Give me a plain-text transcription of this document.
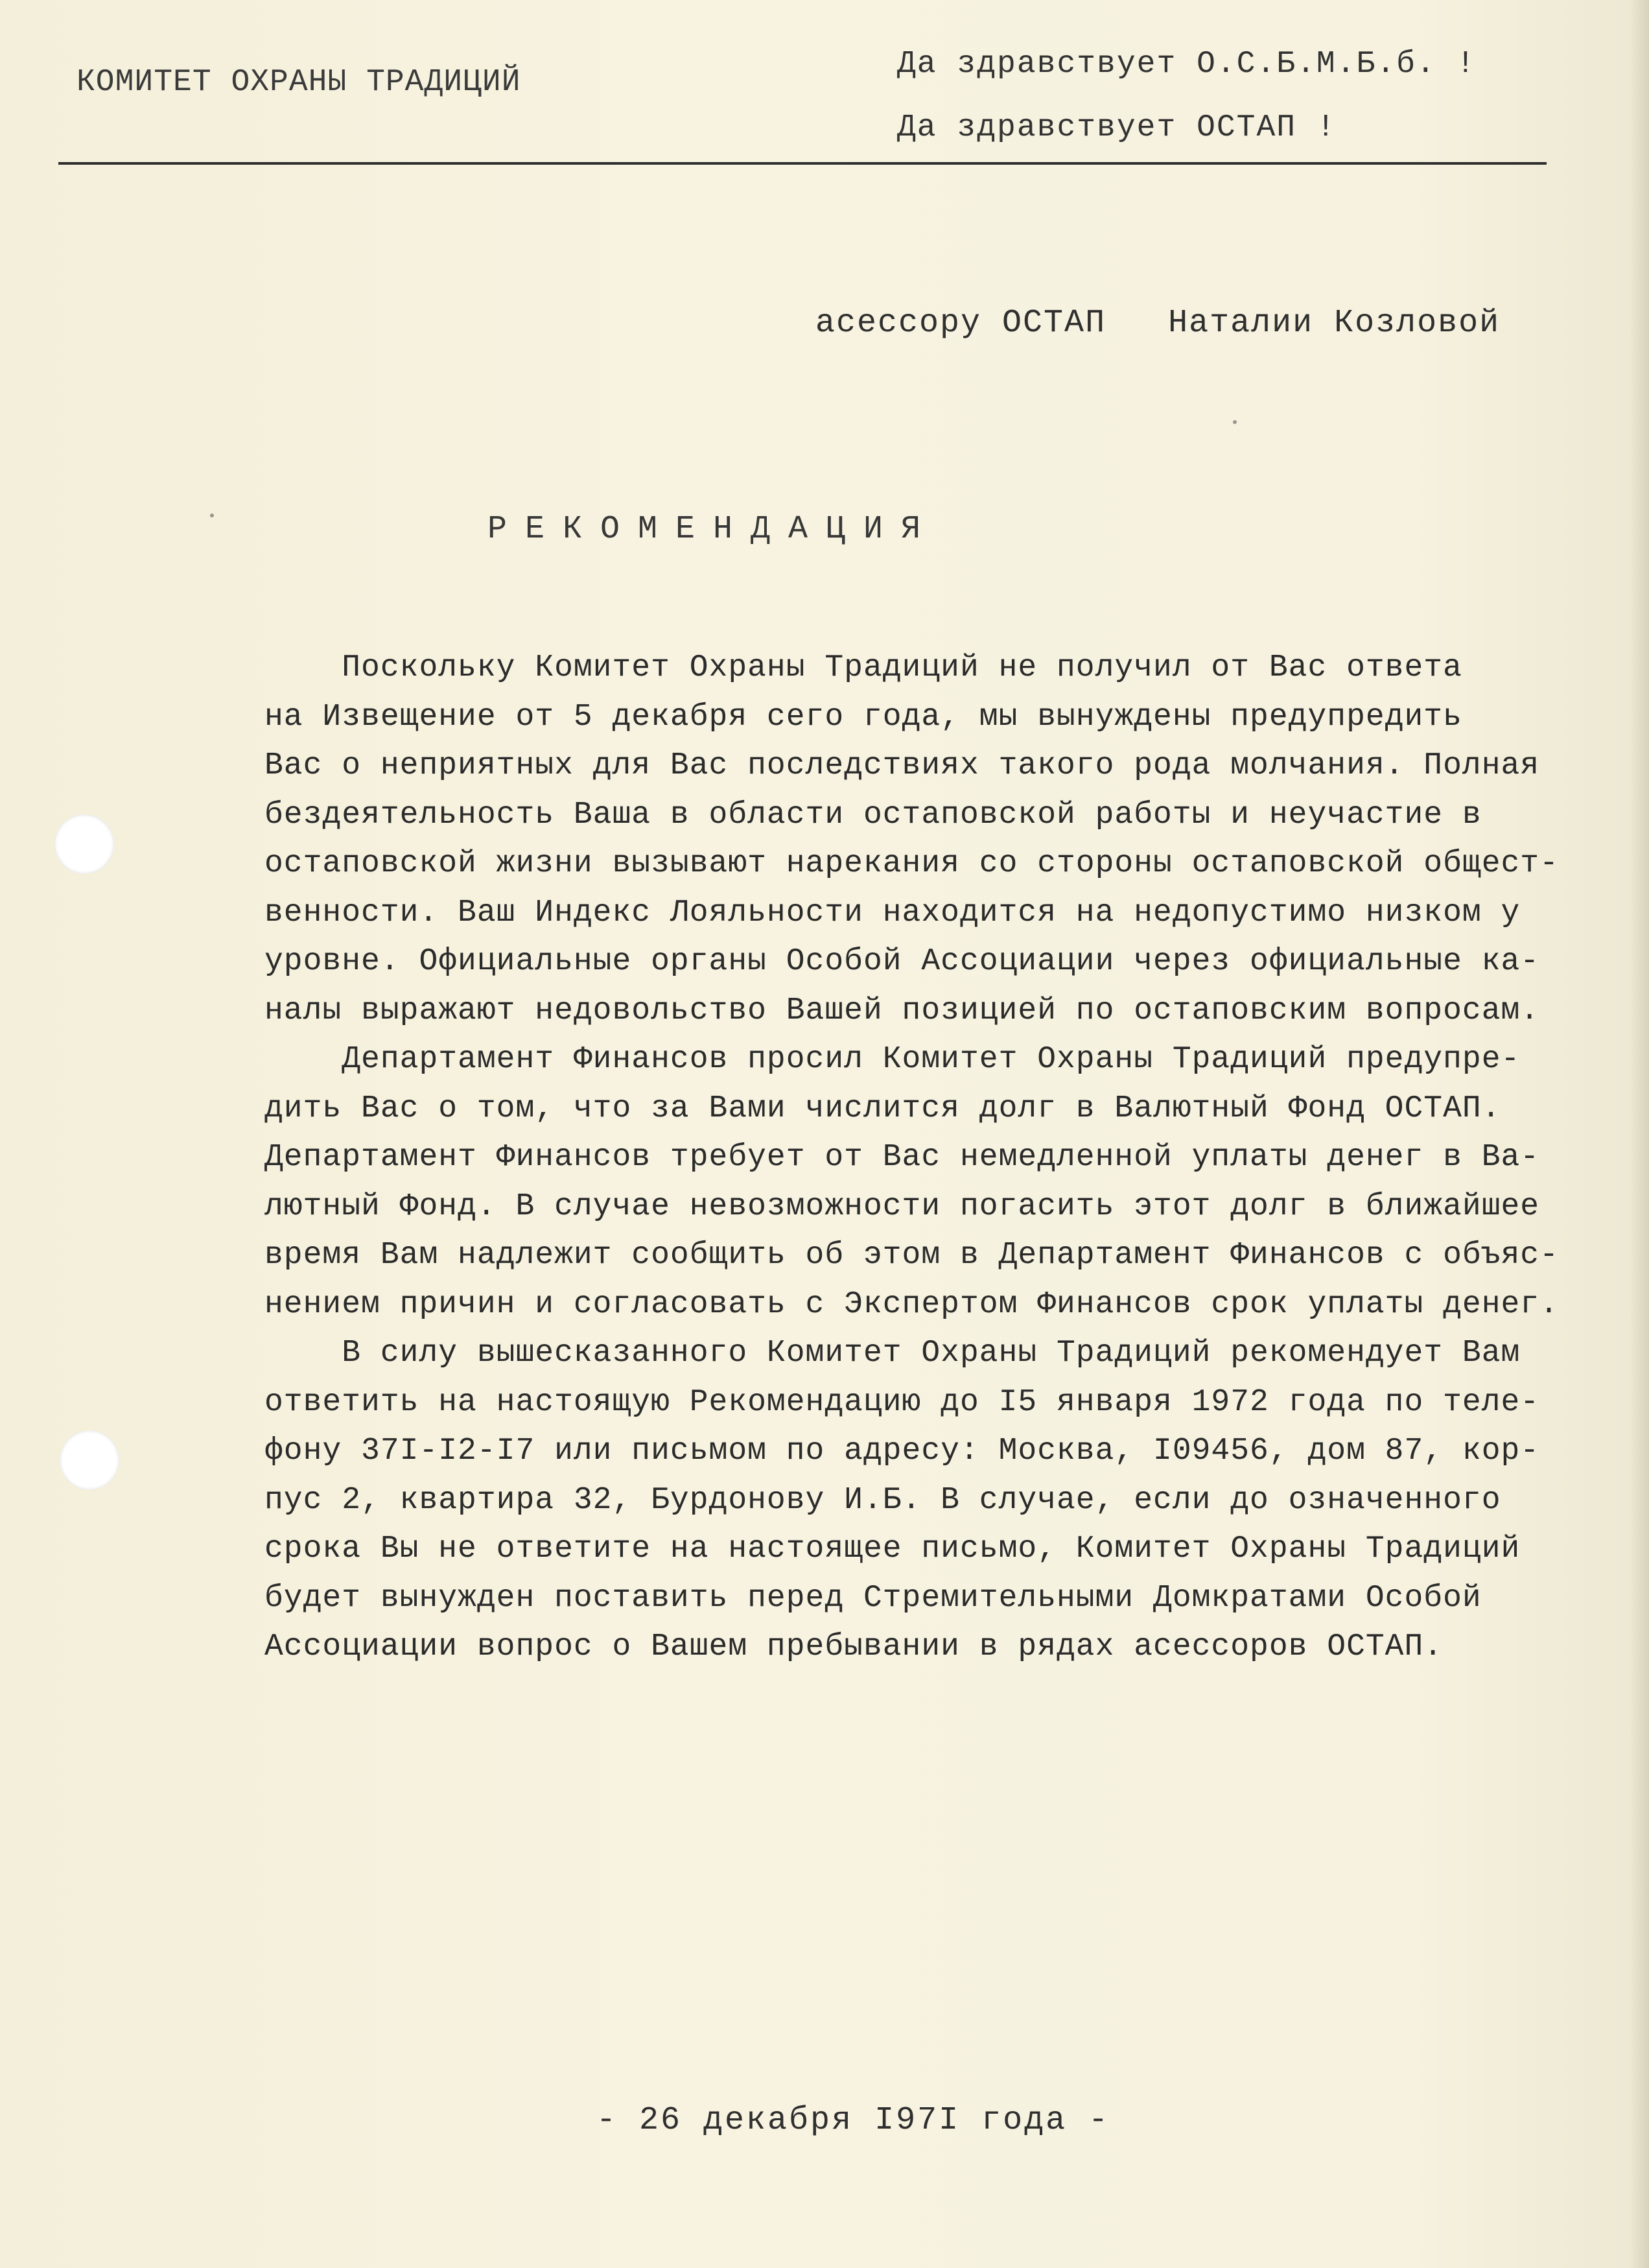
КОМИТЕТ ОХРАНЫ ТРАДИЦИЙ
Да здравствует О.С.Б.М.Б.б. !
Да здравствует ОСТАП !
асессору ОСТАП   Наталии Козловой
РЕКОМЕНДАЦИЯ
Поскольку Комитет Охраны Традиций не получил от Вас ответа
на Извещение от 5 декабря сего года, мы вынуждены предупредить
Вас о неприятных для Вас последствиях такого рода молчания. Полная
бездеятельность Ваша в области остаповской работы и неучастие в
остаповской жизни вызывают нарекания со стороны остаповской общест-
венности. Ваш Индекс Лояльности находится на недопустимо низком у
уровне. Официальные органы Особой Ассоциации через официальные ка-
налы выражают недовольство Вашей позицией по остаповским вопросам.
Департамент Финансов просил Комитет Охраны Традиций предупре-
дить Вас о том, что за Вами числится долг в Валютный Фонд ОСТАП.
Департамент Финансов требует от Вас немедленной уплаты денег в Ва-
лютный Фонд. В случае невозможности погасить этот долг в ближайшее
время Вам надлежит сообщить об этом в Департамент Финансов с объяс-
нением причин и согласовать с Экспертом Финансов срок уплаты денег.
В силу вышесказанного Комитет Охраны Традиций рекомендует Вам
ответить на настоящую Рекомендацию до I5 января 1972 года по теле-
фону 37I-I2-I7 или письмом по адресу: Москва, I09456, дом 87, кор-
пус 2, квартира 32, Бурдонову И.Б. В случае, если до означенного
срока Вы не ответите на настоящее письмо, Комитет Охраны Традиций
будет вынужден поставить перед Стремительными Домкратами Особой
Ассоциации вопрос о Вашем пребывании в рядах асессоров ОСТАП.
- 26 декабря I97I года -
